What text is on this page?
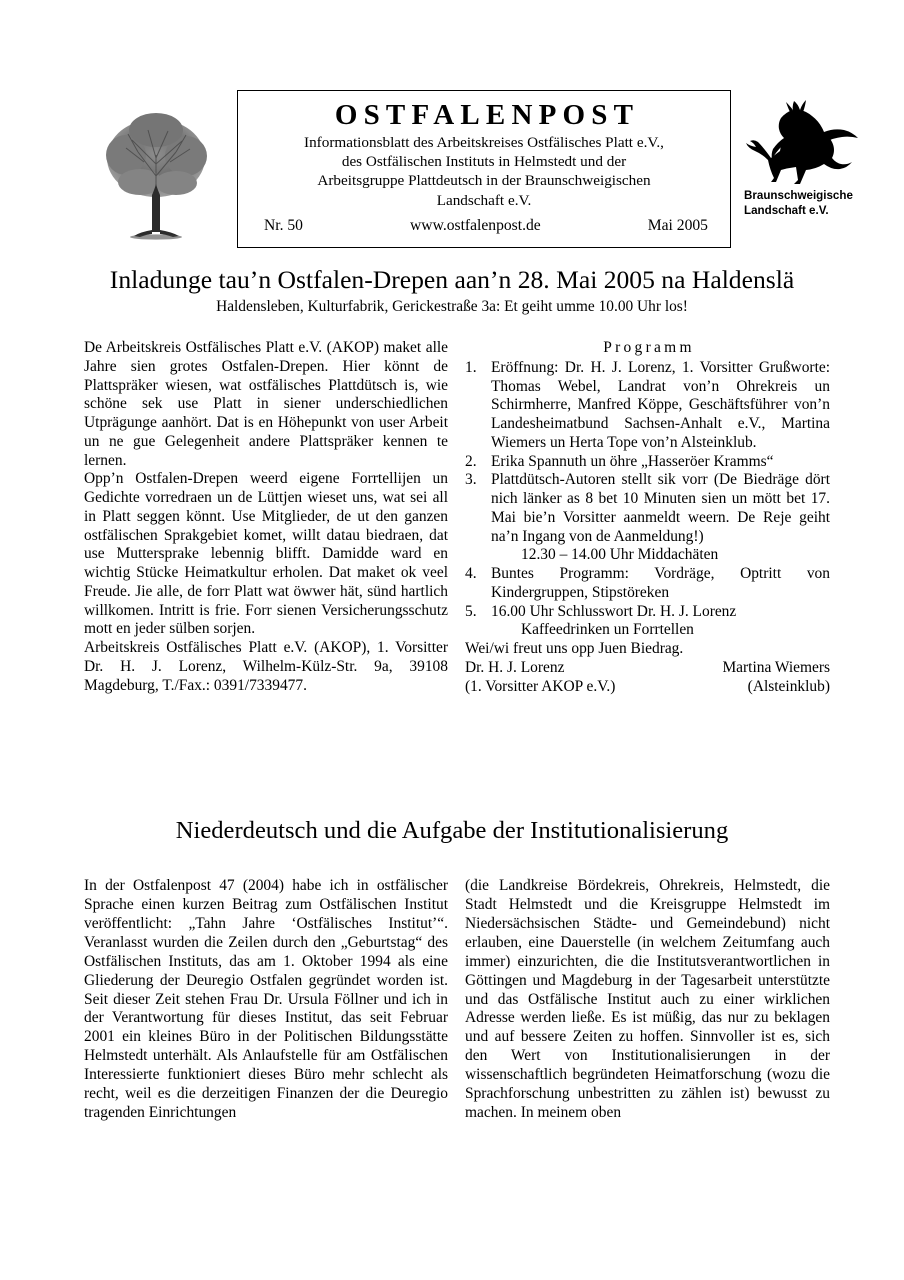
OSTFALENPOST
Informationsblatt des Arbeitskreises Ostfälisches Platt e.V.,
des Ostfälischen Instituts in Helmstedt und der
Arbeitsgruppe Plattdeutsch in der Braunschweigischen
Landschaft e.V.
Nr. 50	www.ostfalenpost.de	Mai 2005
Braunschweigische
Landschaft e.V.
Inladunge tau’n Ostfalen-Drepen aan’n 28. Mai 2005 na Haldenslä
Haldensleben, Kulturfabrik, Gerickestraße 3a: Et geiht umme 10.00 Uhr los!

De Arbeitskreis Ostfälisches Platt e.V. (AKOP) maket alle Jahre sien grotes Ostfalen-Drepen. Hier könnt de Plattspräker wiesen, wat ostfälisches Plattdütsch is, wie schöne sek use Platt in siener underschiedlichen Utprägunge aanhört. Dat is en Höhepunkt von user Arbeit un ne gue Gelegenheit andere Plattspräker kennen te lernen.

Opp’n Ostfalen-Drepen weerd eigene Forrtellijen un Gedichte vorredraen un de Lüttjen wieset uns, wat sei all in Platt seggen könnt. Use Mitglieder, de ut den ganzen ostfälischen Sprakgebiet komet, willt datau biedraen, dat use Muttersprake lebennig blifft. Damidde ward en wichtig Stücke Heimatkultur erholen. Dat maket ok veel Freude. Jie alle, de forr Platt wat öwwer hät, sünd hartlich willkomen. Intritt is frie. Forr sienen Versicherungsschutz mott en jeder sülben sorjen.

Arbeitskreis Ostfälisches Platt e.V. (AKOP), 1. Vorsitter Dr. H. J. Lorenz, Wilhelm-Külz-Str. 9a, 39108 Magdeburg, T./Fax.: 0391/7339477.

Programm
1. Eröffnung: Dr. H. J. Lorenz, 1. Vorsitter Grußworte: Thomas Webel, Landrat von’n Ohrekreis un Schirmherre, Manfred Köppe, Geschäftsführer von’n Landesheimatbund Sachsen-Anhalt e.V., Martina Wiemers un Herta Tope von’n Alsteinklub.
2. Erika Spannuth un öhre „Hasseröer Kramms“
3. Plattdütsch-Autoren stellt sik vorr (De Biedräge dört nich länker as 8 bet 10 Minuten sien un mött bet 17. Mai bie’n Vorsitter aanmeldt weern. De Reje geiht na’n Ingang von de Aanmeldung!)
12.30 – 14.00 Uhr Middachäten
4. Buntes Programm: Vordräge, Optritt von Kindergruppen, Stipstöreken
5. 16.00 Uhr Schlusswort Dr. H. J. Lorenz
Kaffeedrinken un Forrtellen

Wei/wi freut uns opp Juen Biedrag.

Dr. H. J. Lorenz	Martina Wiemers
(1. Vorsitter AKOP e.V.)	(Alsteinklub)
Niederdeutsch und die Aufgabe der Institutionalisierung

In der Ostfalenpost 47 (2004) habe ich in ostfälischer Sprache einen kurzen Beitrag zum Ostfälischen Institut veröffentlicht: „Tahn Jahre ‘Ostfälisches Institut’“. Veranlasst wurden die Zeilen durch den „Geburtstag“ des Ostfälischen Instituts, das am 1. Oktober 1994 als eine Gliederung der Deuregio Ostfalen gegründet worden ist. Seit dieser Zeit stehen Frau Dr. Ursula Föllner und ich in der Verantwortung für dieses Institut, das seit Februar 2001 ein kleines Büro in der Politischen Bildungsstätte Helmstedt unterhält. Als Anlaufstelle für am Ostfälischen Interessierte funktioniert dieses Büro mehr schlecht als recht, weil es die derzeitigen Finanzen der die Deuregio tragenden Einrichtungen

(die Landkreise Bördekreis, Ohrekreis, Helmstedt, die Stadt Helmstedt und die Kreisgruppe Helmstedt im Niedersächsischen Städte- und Gemeindebund) nicht erlauben, eine Dauerstelle (in welchem Zeitumfang auch immer) einzurichten, die die Institutsverantwortlichen in Göttingen und Magdeburg in der Tagesarbeit unterstützte und das Ostfälische Institut auch zu einer wirklichen Adresse werden ließe. Es ist müßig, das nur zu beklagen und auf bessere Zeiten zu hoffen. Sinnvoller ist es, sich den Wert von Institutionalisierungen in der wissenschaftlich begründeten Heimatforschung (wozu die Sprachforschung unbestritten zu zählen ist) bewusst zu machen. In meinem oben
